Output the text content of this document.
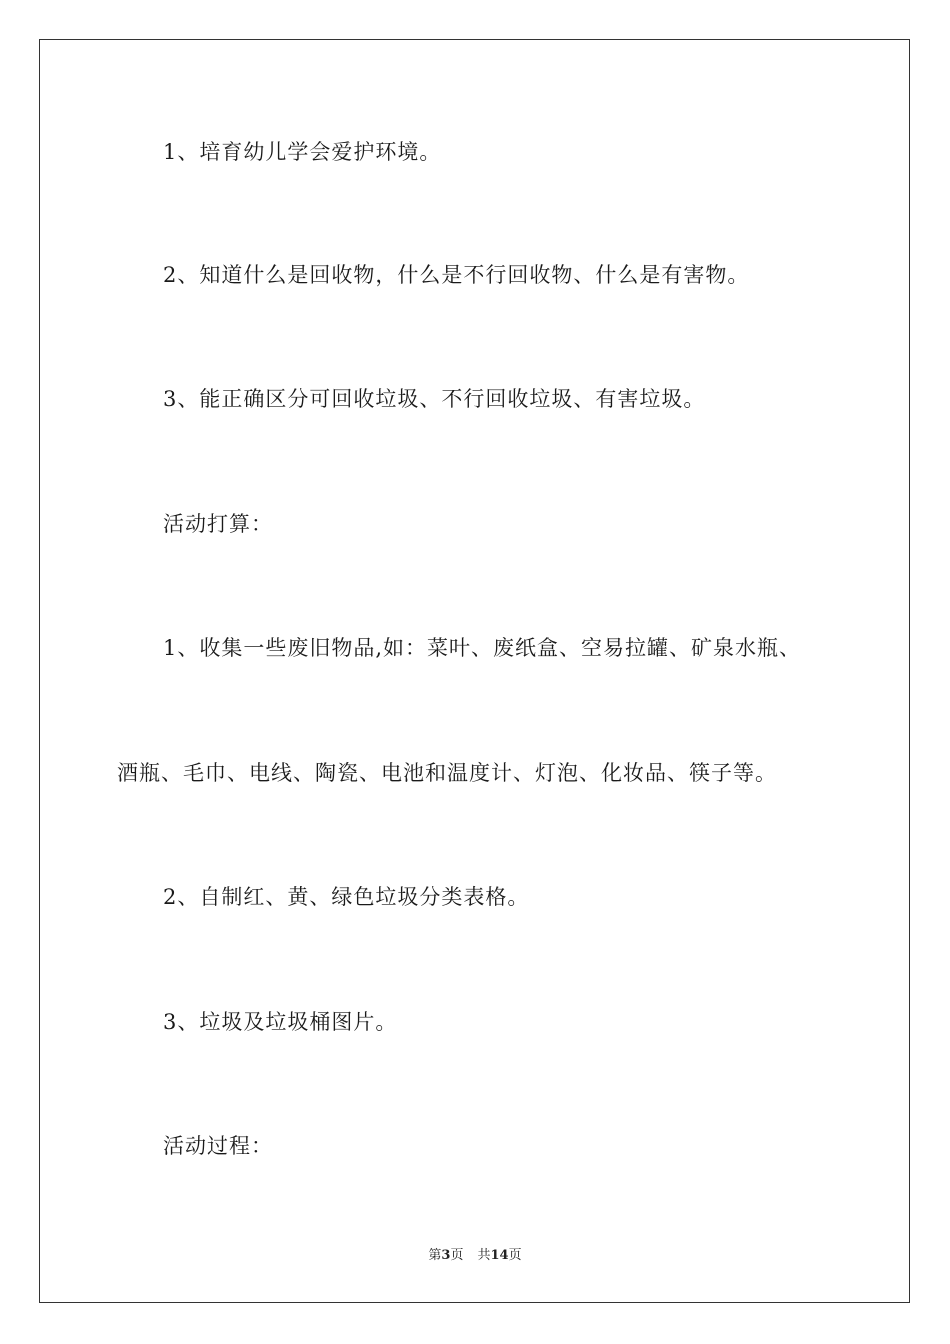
1、培育幼儿学会爱护环境。
2、知道什么是回收物，什么是不行回收物、什么是有害物。
3、能正确区分可回收垃圾、不行回收垃圾、有害垃圾。
活动打算：
1、收集一些废旧物品,如：菜叶、废纸盒、空易拉罐、矿泉水瓶、
酒瓶、毛巾、电线、陶瓷、电池和温度计、灯泡、化妆品、筷子等。
2、自制红、黄、绿色垃圾分类表格。
3、垃圾及垃圾桶图片。
活动过程：
第3页 共14页
